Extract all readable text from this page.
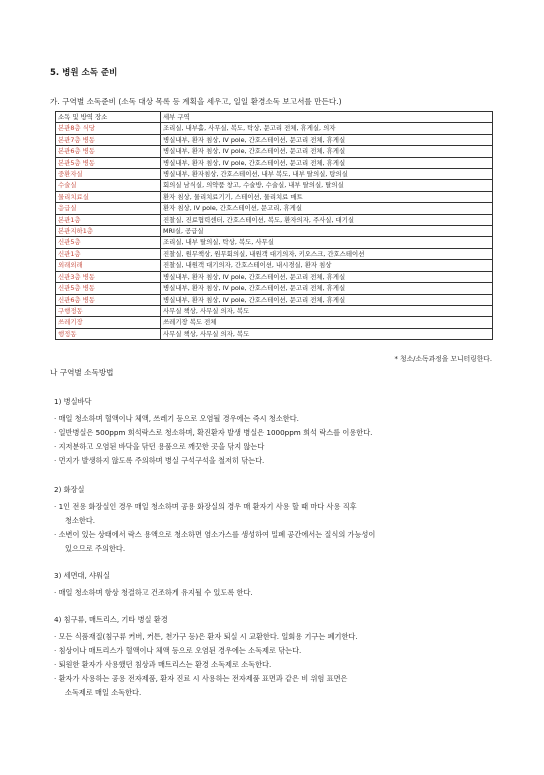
5. 병원 소독 준비
가. 구역별 소독준비 (소독 대상 목록 등 계획을 세우고, 일일 환경소독 보고서를 만든다.)
소독 및 방역 장소	세부 구역
본관8층 식당	조리실, 내부홀, 사무실, 복도, 탁상, 문고리 전체, 휴게실, 의자
본관7층 병동	병실내부, 환자 침상, IV pole, 간호스테이션, 문고리 전체, 휴게실
본관6층 병동	병실내부, 환자 침상, IV pole, 간호스테이션, 문고리 전체, 휴게실
본관5층 병동	병실내부, 환자 침상, IV pole, 간호스테이션, 문고리 전체, 휴게실
중환자실	병실내부, 환자침상, 간호스테이션, 내부 복도, 내부 탈의실, 탕의실
수술실	회의실 남식실, 의약품 창고, 수술방, 수술실, 내부 탈의실, 탈의실
물리치료실	환자 침상, 물리치료기기, 스테이션, 물리치료 매트
응급실	환자 침상, IV pole, 간호스테이션, 문고리, 휴게실
본관1층	진찰실, 진료협력센터, 간호스테이션, 복도, 환자의자, 주사실, 대기실
본관지하1층	MRI실, 공급실
신관5층	조리실, 내부 탈의실, 탁상, 복도, 사무실
신관1층	진찰실, 원무책상, 원무회의실, 내원객 대기의자, 키오스크, 간호스테이션
외래외래	진찰실, 내원객 대기의자, 간호스테이션, 내시경실, 환자 침상
신관3층 병동	병실내부, 환자 침상, IV pole, 간호스테이션, 문고리 전체, 휴게실
신관5층 병동	병실내부, 환자 침상, IV pole, 간호스테이션, 문고리 전체, 휴게실
신관6층 병동	병실내부, 환자 침상, IV pole, 간호스테이션, 문고리 전체, 휴게실
구행정동	사무실 책상, 사무실 의자, 복도
쓰레기장	쓰레기장 복도 전체
행정동	사무실 책상, 사무실 의자, 복도
* 청소/소독과정을 모니터링한다.
나 구역별 소독방법
1) 병실바닥
· 매일 청소하며 혈액이나 체액, 쓰레기 등으로 오염될 경우에는 즉시 청소한다.
· 일반병실은 500ppm 희석락스로 청소하며, 확진환자 발생 병실은 1000ppm 희석 락스를 이용한다.
· 지저분하고 오염된 바닥을 닦던 용품으로 깨끗한 곳을 닦지 않는다
· 먼지가 발생하지 않도록 주의하며 병실 구석구석을 철저히 닦는다.
2) 화장실
· 1인 전용 화장실인 경우 매일 청소하며 공용 화장실의 경우 매 환자기 사용 할 때 마다 사용 직후
청소한다.
· 소변이 있는 상태에서 락스 용액으로 청소하면 염소가스를 생성하여 밀폐 공간에서는 질식의 가능성이
있으므로 주의한다.
3) 세면대, 샤워실
· 매일 청소하며 항상 청결하고 건조하게 유지될 수 있도록 한다.
4) 침구류, 매트리스, 기타 병실 환경
· 모든 식품재질(침구류 커버, 커튼, 천가구 등)은 환자 퇴실 시 교환한다. 일회용 기구는 폐기한다.
· 침상이나 매트리스가 혈액이나 체액 등으로 오염된 경우에는 소독제로 닦는다.
· 퇴원한 환자가 사용했던 침상과 매트리스는 환경 소독제로 소독한다.
· 환자가 사용하는 공용 전자제품, 환자 진료 시 사용하는 전자제품 표면과 같은 비 위험 표면은
소독제로 매일 소독한다.
